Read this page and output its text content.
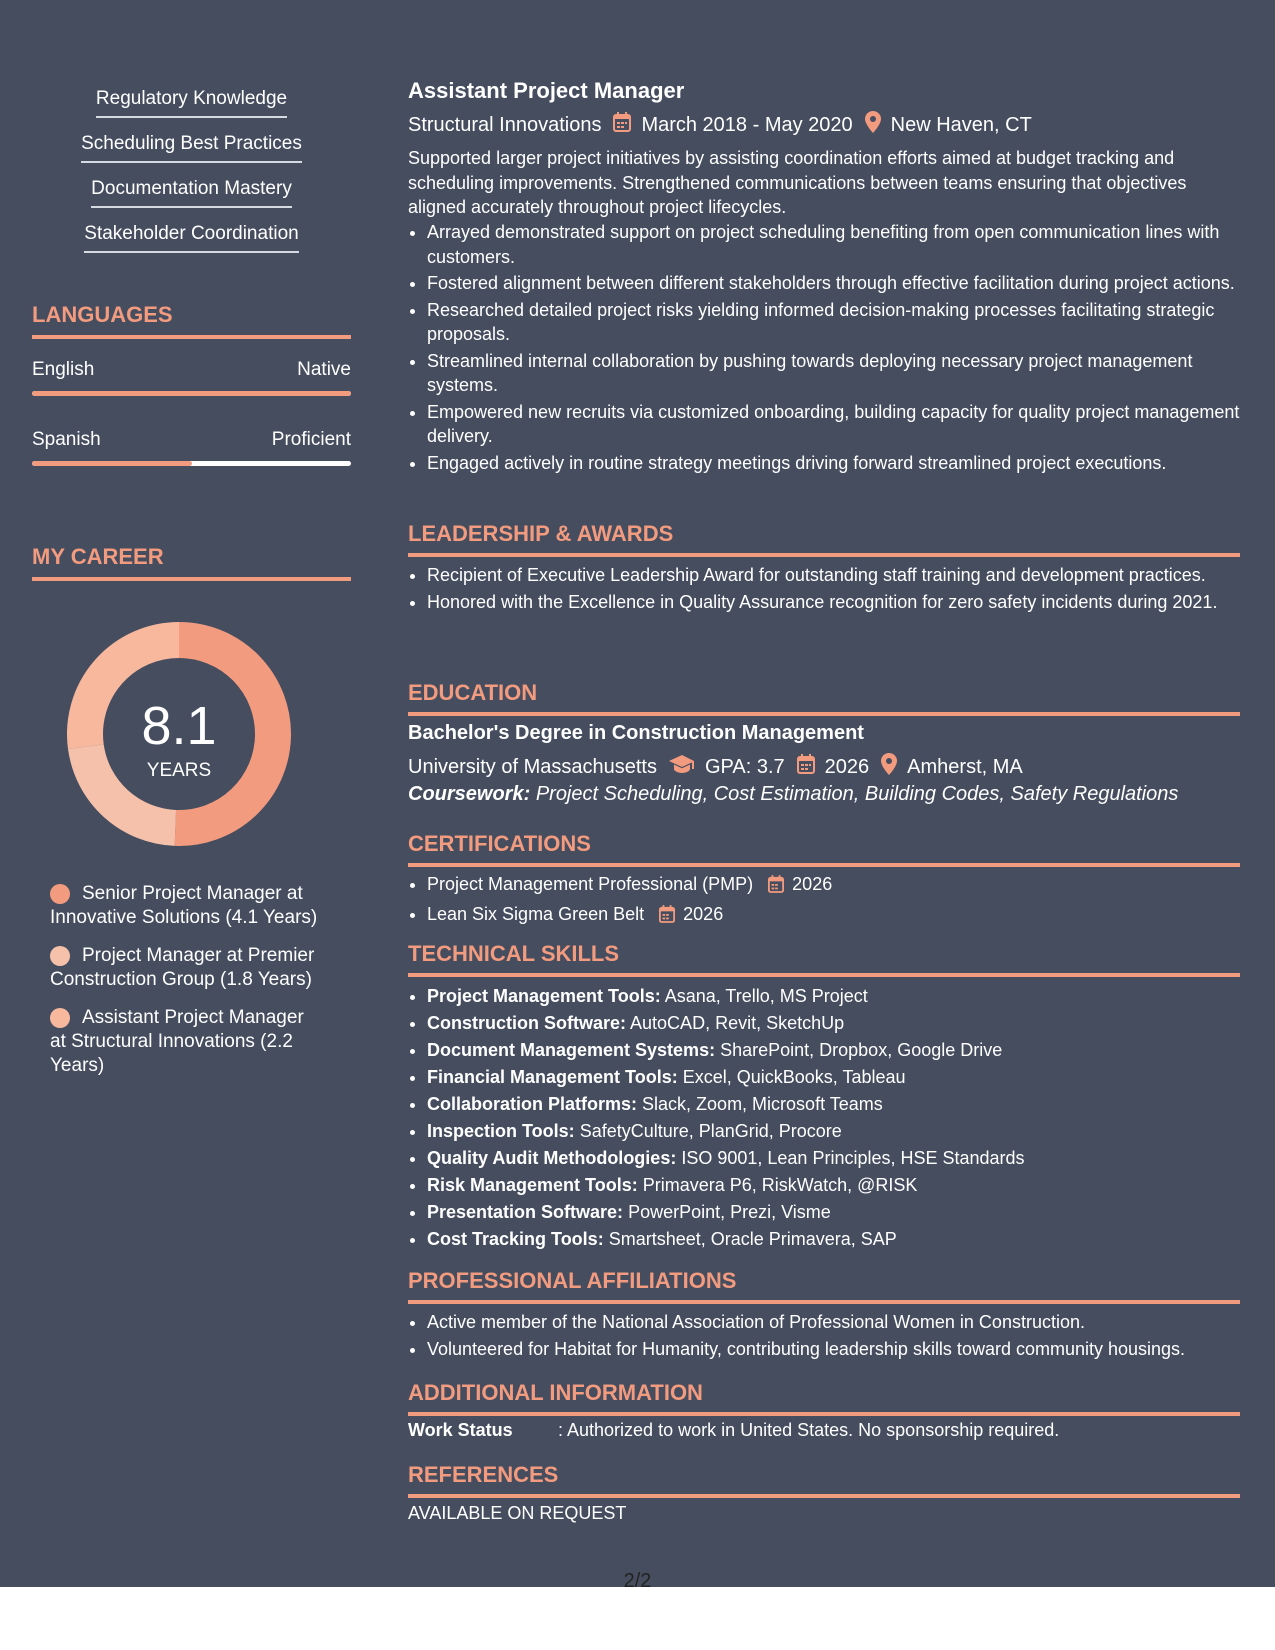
Regulatory Knowledge
Scheduling Best Practices
Documentation Mastery
Stakeholder Coordination
LANGUAGES
English	Native
Spanish	Proficient
MY CAREER
8.1
YEARS
Senior Project Manager at Innovative Solutions (4.1 Years)
Project Manager at Premier Construction Group (1.8 Years)
Assistant Project Manager at Structural Innovations (2.2 Years)
Assistant Project Manager
Structural Innovations March 2018 - May 2020 New Haven, CT
Supported larger project initiatives by assisting coordination efforts aimed at budget tracking and scheduling improvements. Strengthened communications between teams ensuring that objectives aligned accurately throughout project lifecycles.
• Arrayed demonstrated support on project scheduling benefiting from open communication lines with customers.
• Fostered alignment between different stakeholders through effective facilitation during project actions.
• Researched detailed project risks yielding informed decision-making processes facilitating strategic proposals.
• Streamlined internal collaboration by pushing towards deploying necessary project management systems.
• Empowered new recruits via customized onboarding, building capacity for quality project management delivery.
• Engaged actively in routine strategy meetings driving forward streamlined project executions.
LEADERSHIP & AWARDS
• Recipient of Executive Leadership Award for outstanding staff training and development practices.
• Honored with the Excellence in Quality Assurance recognition for zero safety incidents during 2021.
EDUCATION
Bachelor's Degree in Construction Management
University of Massachusetts GPA: 3.7 2026 Amherst, MA
Coursework: Project Scheduling, Cost Estimation, Building Codes, Safety Regulations
CERTIFICATIONS
• Project Management Professional (PMP) 2026
• Lean Six Sigma Green Belt 2026
TECHNICAL SKILLS
• Project Management Tools: Asana, Trello, MS Project
• Construction Software: AutoCAD, Revit, SketchUp
• Document Management Systems: SharePoint, Dropbox, Google Drive
• Financial Management Tools: Excel, QuickBooks, Tableau
• Collaboration Platforms: Slack, Zoom, Microsoft Teams
• Inspection Tools: SafetyCulture, PlanGrid, Procore
• Quality Audit Methodologies: ISO 9001, Lean Principles, HSE Standards
• Risk Management Tools: Primavera P6, RiskWatch, @RISK
• Presentation Software: PowerPoint, Prezi, Visme
• Cost Tracking Tools: Smartsheet, Oracle Primavera, SAP
PROFESSIONAL AFFILIATIONS
• Active member of the National Association of Professional Women in Construction.
• Volunteered for Habitat for Humanity, contributing leadership skills toward community housings.
ADDITIONAL INFORMATION
Work Status	: Authorized to work in United States. No sponsorship required.
REFERENCES
AVAILABLE ON REQUEST
2/2
